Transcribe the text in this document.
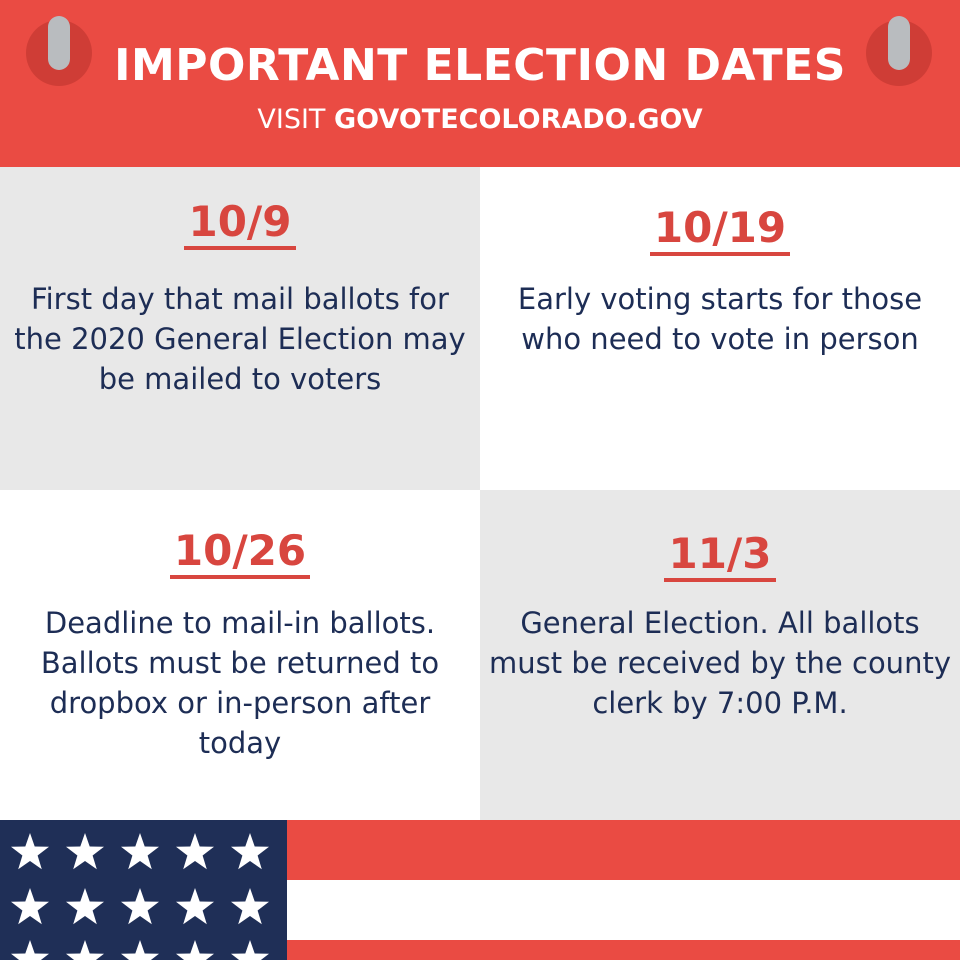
IMPORTANT ELECTION DATES
VISIT GOVOTECOLORADO.GOV
10/9
First day that mail ballots for the 2020 General Election may be mailed to voters
10/19
Early voting starts for those who need to vote in person
10/26
Deadline to mail-in ballots. Ballots must be returned to dropbox or in-person after today
11/3
General Election. All ballots must be received by the county clerk by 7:00 P.M.
